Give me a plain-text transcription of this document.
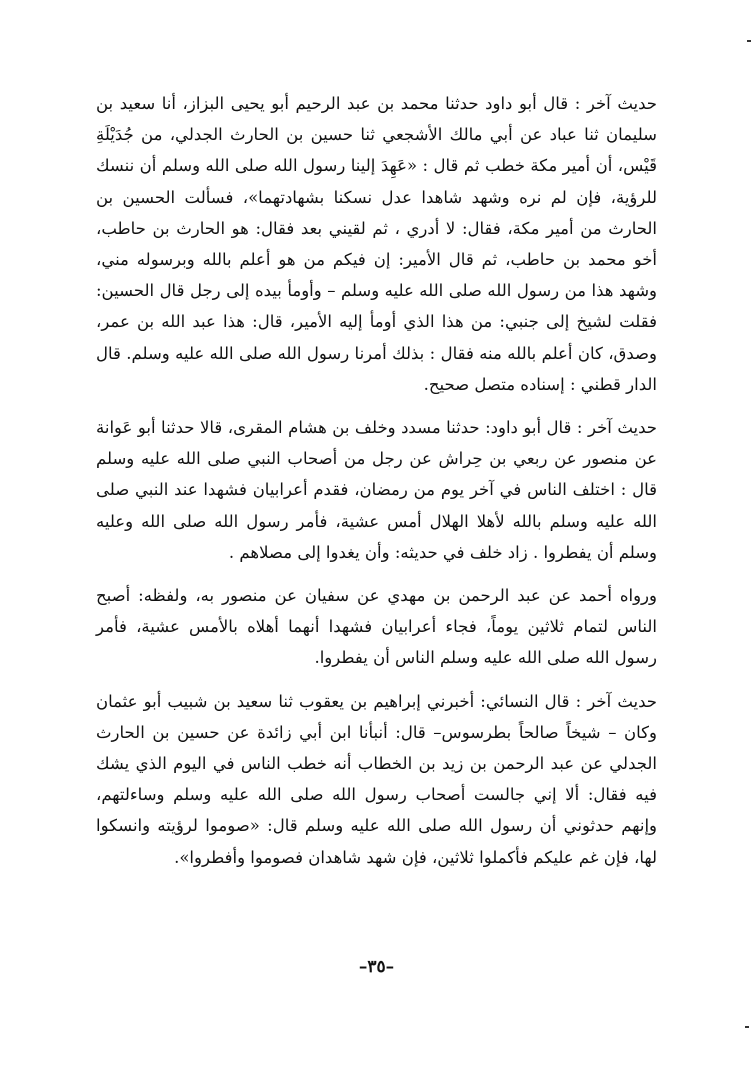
حديث آخر : قال أبو داود حدثنا محمد بن عبد الرحيم أبو يحيى البزاز، أنا سعيد بن سليمان ثنا عباد عن أبي مالك الأشجعي ثنا حسين بن الحارث الجدلي، من جُدَيْلَةِ قَيْس، أن أمير مكة خطب ثم قال : «عَهِدَ إلينا رسول الله صلى الله وسلم أن ننسك للرؤية، فإن لم نره وشهد شاهدا عدل نسكنا بشهادتهما»، فسألت الحسين بن الحارث من أمير مكة، فقال: لا أدري ، ثم لقيني بعد فقال: هو الحارث بن حاطب، أخو محمد بن حاطب، ثم قال الأمير: إن فيكم من هو أعلم بالله وبرسوله مني، وشهد هذا من رسول الله صلى الله عليه وسلم – وأومأ بيده إلى رجل قال الحسين: فقلت لشيخ إلى جنبي: من هذا الذي أومأ إليه الأمير، قال: هذا عبد الله بن عمر، وصدق، كان أعلم بالله منه فقال : بذلك أمرنا رسول الله صلى الله عليه وسلم. قال الدار قطني : إسناده متصل صحيح.

حديث آخر : قال أبو داود: حدثنا مسدد وخلف بن هشام المقرى، قالا حدثنا أبو عَوانة عن منصور عن ربعي بن حِراش عن رجل من أصحاب النبي صلى الله عليه وسلم قال : اختلف الناس في آخر يوم من رمضان، فقدم أعرابيان فشهدا عند النبي صلى الله عليه وسلم بالله لأهلا الهلال أمس عشية، فأمر رسول الله صلى الله وعليه وسلم أن يفطروا . زاد خلف في حديثه: وأن يغدوا إلى مصلاهم .

ورواه أحمد عن عبد الرحمن بن مهدي عن سفيان عن منصور به، ولفظه: أصبح الناس لتمام ثلاثين يوماً، فجاء أعرابيان فشهدا أنهما أهلاه بالأمس عشية، فأمر رسول الله صلى الله عليه وسلم الناس أن يفطروا.

حديث آخر : قال النسائي: أخبرني إبراهيم بن يعقوب ثنا سعيد بن شبيب أبو عثمان وكان – شيخاً صالحاً بطرسوس– قال: أنبأنا ابن أبي زائدة عن حسين بن الحارث الجدلي عن عبد الرحمن بن زيد بن الخطاب أنه خطب الناس في اليوم الذي يشك فيه فقال: ألا إني جالست أصحاب رسول الله صلى الله عليه وسلم وساءلتهم، وإنهم حدثوني أن رسول الله صلى الله عليه وسلم قال: «صوموا لرؤيته وانسكوا لها، فإن غم عليكم فأكملوا ثلاثين، فإن شهد شاهدان فصوموا وأفطروا».

–٣٥–
